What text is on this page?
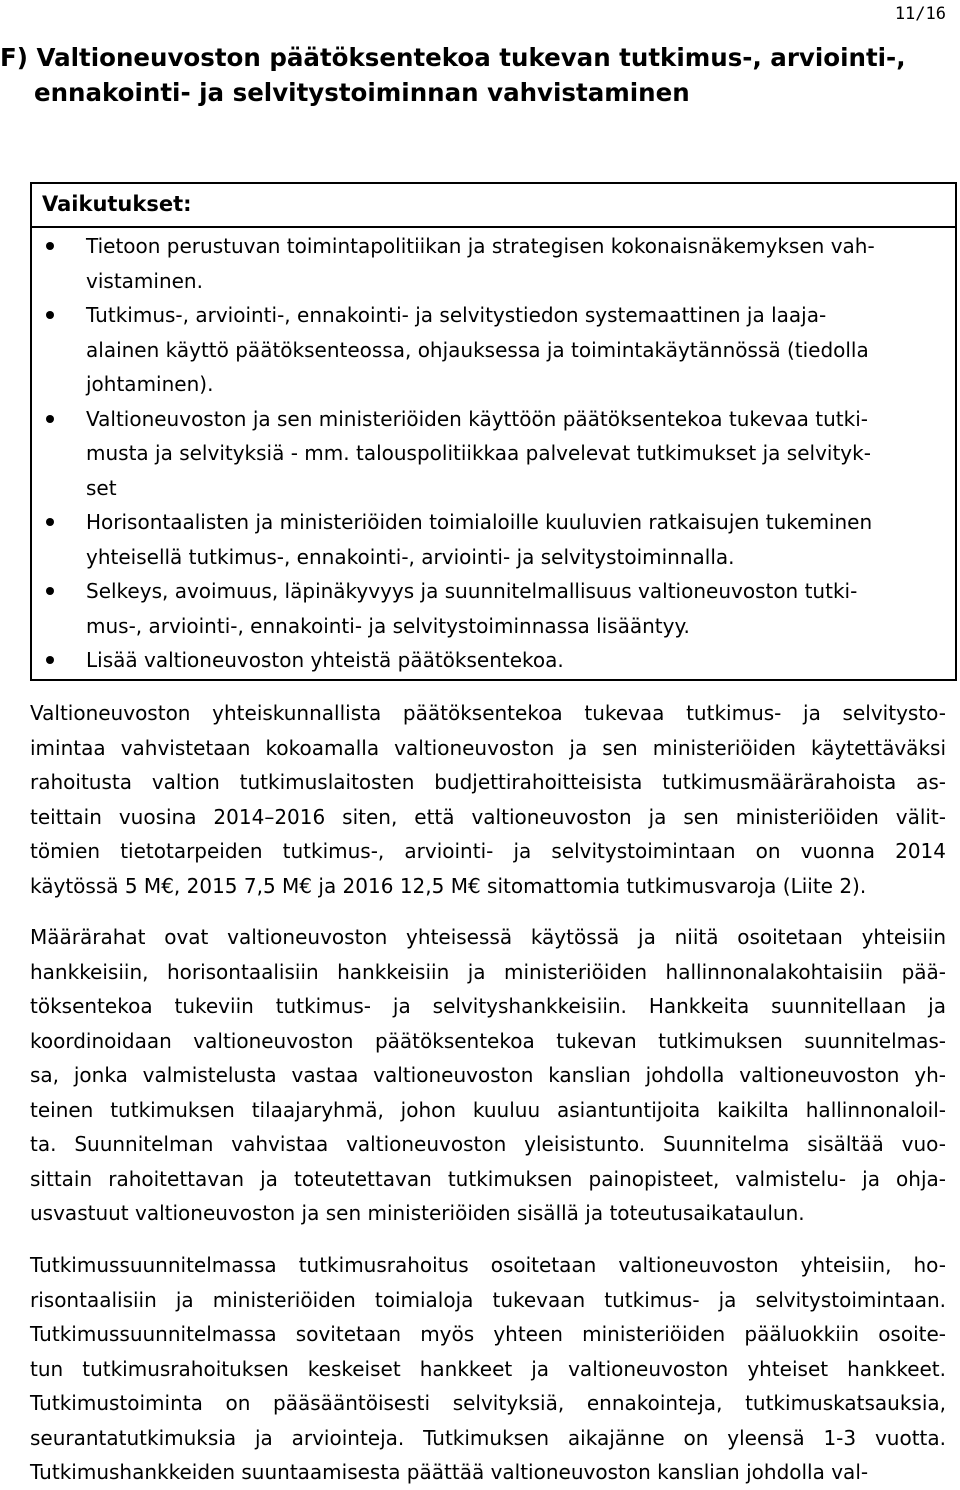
11/16
F) Valtioneuvoston päätöksentekoa tukevan tutkimus-, arviointi-,
ennakointi- ja selvitystoiminnan vahvistaminen
Vaikutukset:
Tietoon perustuvan toimintapolitiikan ja strategisen kokonaisnäkemyksen vah-
vistaminen.
Tutkimus-, arviointi-, ennakointi- ja selvitystiedon systemaattinen ja laaja-
alainen käyttö päätöksenteossa, ohjauksessa ja toimintakäytännössä (tiedolla
johtaminen).
Valtioneuvoston ja sen ministeriöiden käyttöön päätöksentekoa tukevaa tutki-
musta ja selvityksiä - mm. talouspolitiikkaa palvelevat tutkimukset ja selvityk-
set
Horisontaalisten ja ministeriöiden toimialoille kuuluvien ratkaisujen tukeminen
yhteisellä tutkimus-, ennakointi-, arviointi- ja selvitystoiminnalla.
Selkeys, avoimuus, läpinäkyvyys ja suunnitelmallisuus valtioneuvoston tutki-
mus-, arviointi-, ennakointi- ja selvitystoiminnassa lisääntyy.
Lisää valtioneuvoston yhteistä päätöksentekoa.
Valtioneuvoston yhteiskunnallista päätöksentekoa tukevaa tutkimus- ja selvitysto-
imintaa vahvistetaan kokoamalla valtioneuvoston ja sen ministeriöiden käytettäväksi
rahoitusta valtion tutkimuslaitosten budjettirahoitteisista tutkimusmäärärahoista as-
teittain vuosina 2014–2016 siten, että valtioneuvoston ja sen ministeriöiden välit-
tömien tietotarpeiden tutkimus-, arviointi- ja selvitystoimintaan on vuonna 2014
käytössä 5 M€, 2015 7,5 M€ ja 2016 12,5 M€ sitomattomia tutkimusvaroja (Liite 2).
Määrärahat ovat valtioneuvoston yhteisessä käytössä ja niitä osoitetaan yhteisiin
hankkeisiin, horisontaalisiin hankkeisiin ja ministeriöiden hallinnonalakohtaisiin pää-
töksentekoa tukeviin tutkimus- ja selvityshankkeisiin. Hankkeita suunnitellaan ja
koordinoidaan valtioneuvoston päätöksentekoa tukevan tutkimuksen suunnitelmas-
sa, jonka valmistelusta vastaa valtioneuvoston kanslian johdolla valtioneuvoston yh-
teinen tutkimuksen tilaajaryhmä, johon kuuluu asiantuntijoita kaikilta hallinnonaloil-
ta. Suunnitelman vahvistaa valtioneuvoston yleisistunto. Suunnitelma sisältää vuo-
sittain rahoitettavan ja toteutettavan tutkimuksen painopisteet, valmistelu- ja ohja-
usvastuut valtioneuvoston ja sen ministeriöiden sisällä ja toteutusaikataulun.
Tutkimussuunnitelmassa tutkimusrahoitus osoitetaan valtioneuvoston yhteisiin, ho-
risontaalisiin ja ministeriöiden toimialoja tukevaan tutkimus- ja selvitystoimintaan.
Tutkimussuunnitelmassa sovitetaan myös yhteen ministeriöiden pääluokkiin osoite-
tun tutkimusrahoituksen keskeiset hankkeet ja valtioneuvoston yhteiset hankkeet.
Tutkimustoiminta on pääsääntöisesti selvityksiä, ennakointeja, tutkimuskatsauksia,
seurantatutkimuksia ja arviointeja. Tutkimuksen aikajänne on yleensä 1-3 vuotta.
Tutkimushankkeiden suuntaamisesta päättää valtioneuvoston kanslian johdolla val-
